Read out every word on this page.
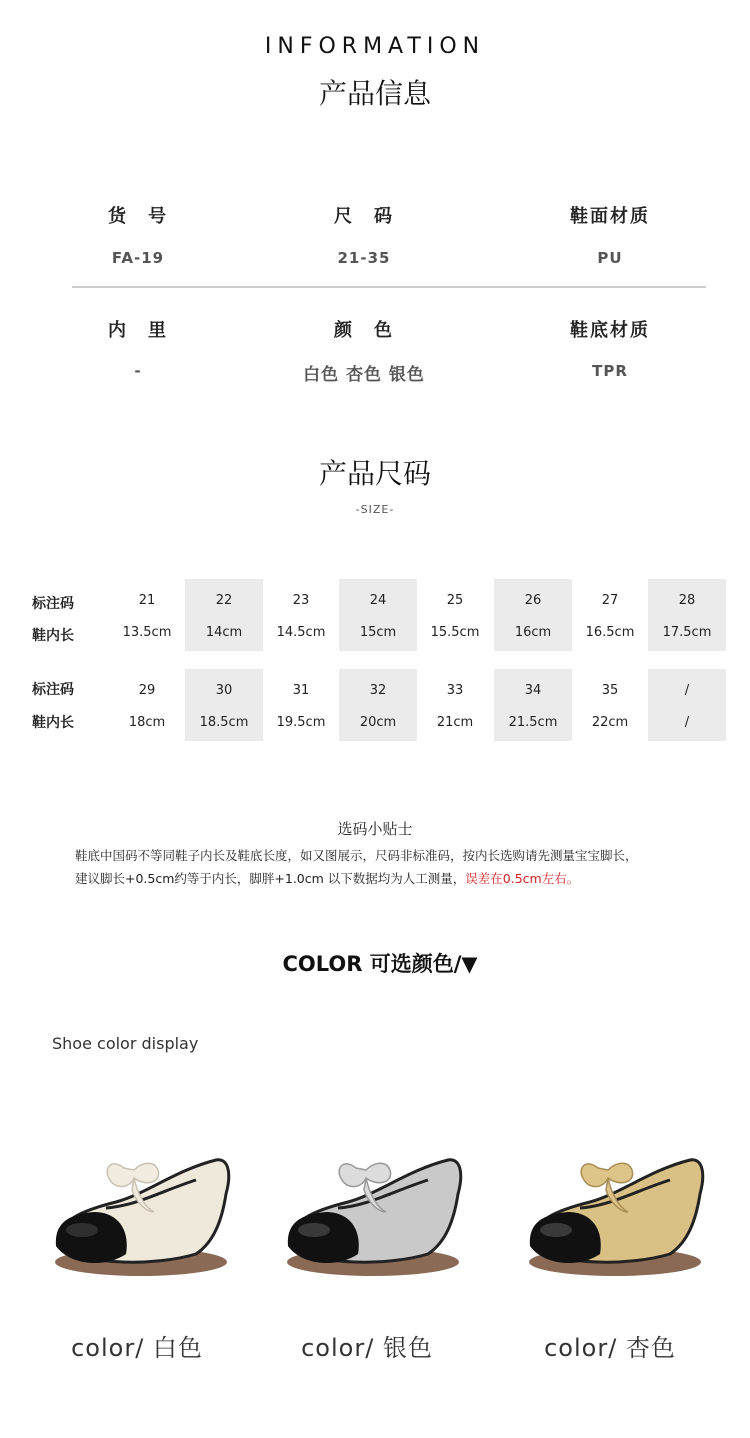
INFORMATION
产品信息
货　号
FA-19
尺　码
21-35
鞋面材质
PU
内　里
-
颜　色
白色 杏色 银色
鞋底材质
TPR
产品尺码
-SIZE-
标注码
鞋内长
21
13.5cm
22
14cm
23
14.5cm
24
15cm
25
15.5cm
26
16cm
27
16.5cm
28
17.5cm
标注码
鞋内长
29
18cm
30
18.5cm
31
19.5cm
32
20cm
33
21cm
34
21.5cm
35
22cm
/
/
选码小贴士
鞋底中国码不等同鞋子内长及鞋底长度，如又图展示，尺码非标准码，按内长选购请先测量宝宝脚长，
建议脚长+0.5cm约等于内长，脚胖+1.0cm 以下数据均为人工测量，误差在0.5cm左右。
COLOR 可选颜色/▼
Shoe color display
color/ 白色	color/ 银色	color/ 杏色
